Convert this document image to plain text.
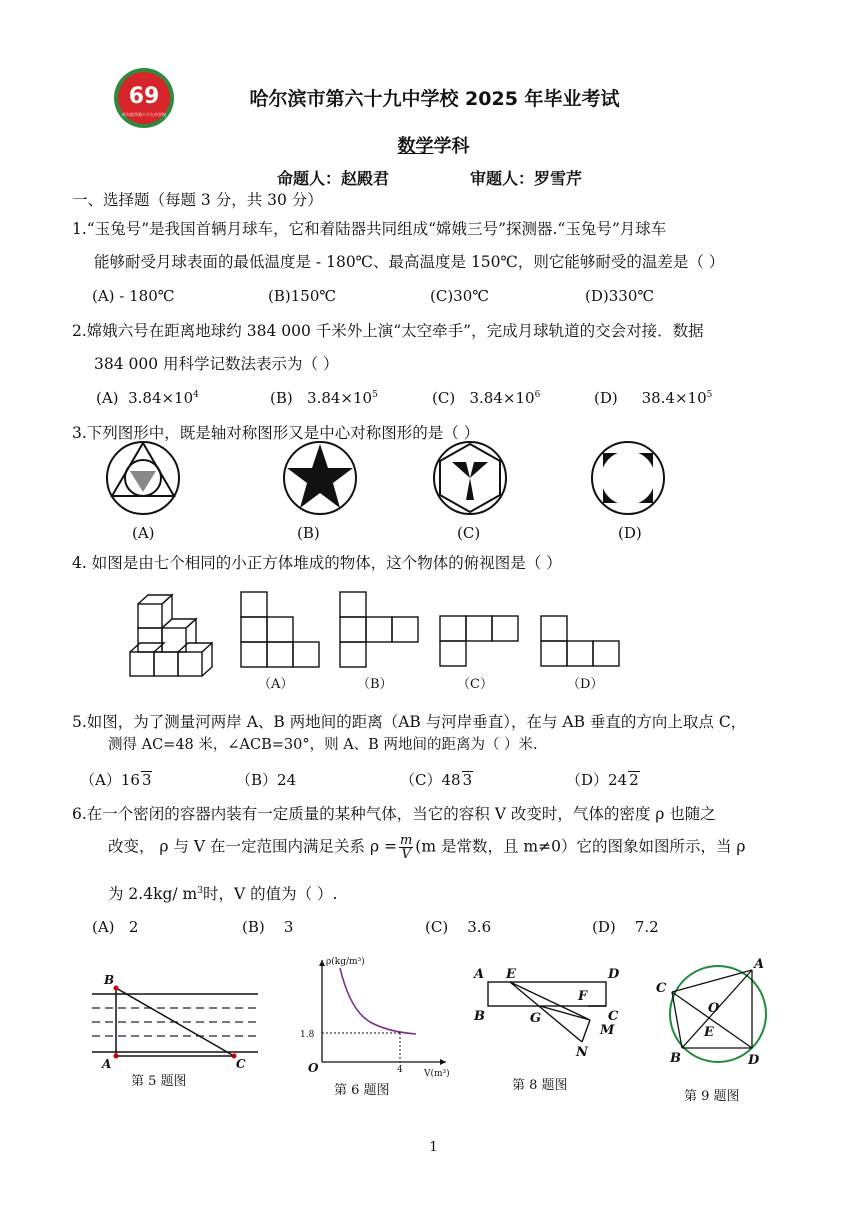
69
哈尔滨市第六十九中学校
哈尔滨市第六十九中学校 2025 年毕业考试
数学学科
命题人：赵殿君	审题人：罗雪芹
一、选择题（每题 3 分，共 30 分）
1.“玉兔号”是我国首辆月球车，它和着陆器共同组成“嫦娥三号”探测器.“玉兔号”月球车
能够耐受月球表面的最低温度是 - 180℃、最高温度是 150℃，则它能够耐受的温差是（ ）
(A) - 180℃	(B)150℃	(C)30℃	(D)330℃
2.嫦娥六号在距离地球约 384 000 千米外上演“太空牵手”，完成月球轨道的交会对接．数据
384 000 用科学记数法表示为（ ）
(A) $3.84\times 10^4$	(B) $3.84\times 10^5$	(C) $3.84\times 10^6$	(D) $38.4\times 10^5$
3.下列图形中，既是轴对称图形又是中心对称图形的是（ ）
(A)	(B)	(C)	(D)
4. 如图是由七个相同的小正方体堆成的物体，这个物体的俯视图是（ ）
（A）	（B）	（C）	（D）
5.如图，为了测量河两岸 A、B 两地间的距离（AB 与河岸垂直），在与 AB 垂直的方向上取点 C，
测得 AC=48 米，∠ACB=30°，则 A、B 两地间的距离为（ ）米.
（A）16 3	（B）24	（C）48 3	（D）24 2
6.在一个密闭的容器内装有一定质量的某种气体，当它的容积 V 改变时，气体的密度 ρ 也随之
改变， ρ 与 V 在一定范围内满足关系 $\rho = \frac{m}{V} (m$ 是常数，且 m≠0）它的图象如图所示，当 ρ
为 2.4kg/ $m^3$时，V 的值为（ ）.
(A) 2	(B) 3	(C) 3.6	(D) 7.2
B
A	C
第 5 题图
ρ(kg/m³)
V(m³)
1.8
4
O
第 6 题图
A E	D
F
B	G	C
M
N
第 8 题图
A
C
O
E
B	D
第 9 题图
1
